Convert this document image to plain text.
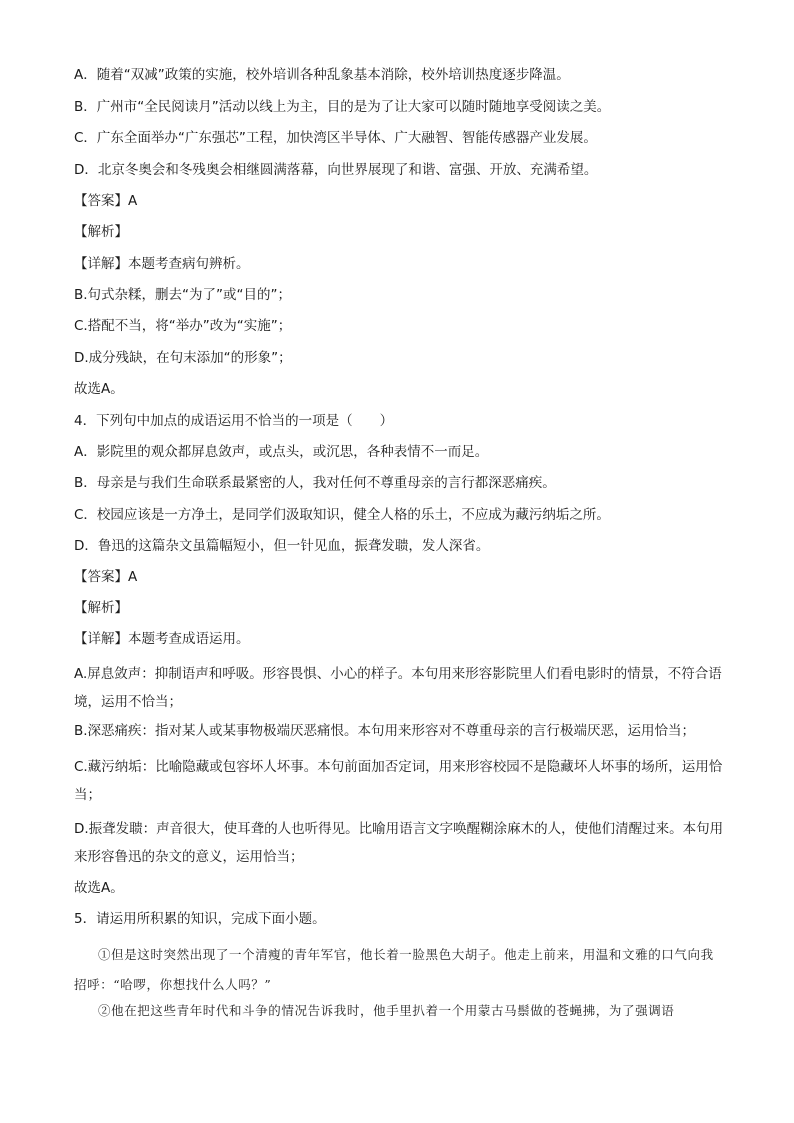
A．随着“双减”政策的实施，校外培训各种乱象基本消除，校外培训热度逐步降温。
B．广州市“全民阅读月”活动以线上为主，目的是为了让大家可以随时随地享受阅读之美。
C．广东全面举办“广东强芯”工程，加快湾区半导体、广大融智、智能传感器产业发展。
D．北京冬奥会和冬残奥会相继圆满落幕，向世界展现了和谐、富强、开放、充满希望。
【答案】A
【解析】
【详解】本题考查病句辨析。
B.句式杂糅，删去“为了”或“目的”；
C.搭配不当，将“举办”改为“实施”；
D.成分残缺，在句末添加“的形象”；
故选A。
4．下列句中加点的成语运用不恰当的一项是（　　）
A．影院里的观众都屏息敛声，或点头，或沉思，各种表情不一而足。
B．母亲是与我们生命联系最紧密的人，我对任何不尊重母亲的言行都深恶痛疾。
C．校园应该是一方净土，是同学们汲取知识，健全人格的乐土，不应成为藏污纳垢之所。
D．鲁迅的这篇杂文虽篇幅短小，但一针见血，振聋发聩，发人深省。
【答案】A
【解析】
【详解】本题考查成语运用。
A.屏息敛声：抑制语声和呼吸。形容畏惧、小心的样子。本句用来形容影院里人们看电影时的情景，不符合语境，运用不恰当；
B.深恶痛疾：指对某人或某事物极端厌恶痛恨。本句用来形容对不尊重母亲的言行极端厌恶，运用恰当；
C.藏污纳垢：比喻隐藏或包容坏人坏事。本句前面加否定词，用来形容校园不是隐藏坏人坏事的场所，运用恰当；
D.振聋发聩：声音很大，使耳聋的人也听得见。比喻用语言文字唤醒糊涂麻木的人，使他们清醒过来。本句用来形容鲁迅的杂文的意义，运用恰当；
故选A。
5．请运用所积累的知识，完成下面小题。
①但是这时突然出现了一个清瘦的青年军官，他长着一脸黑色大胡子。他走上前来，用温和文雅的口气向我招呼：“哈啰，你想找什么人吗？”
②他在把这些青年时代和斗争的情况告诉我时，他手里扒着一个用蒙古马鬃做的苍蝇拂，为了强调语
